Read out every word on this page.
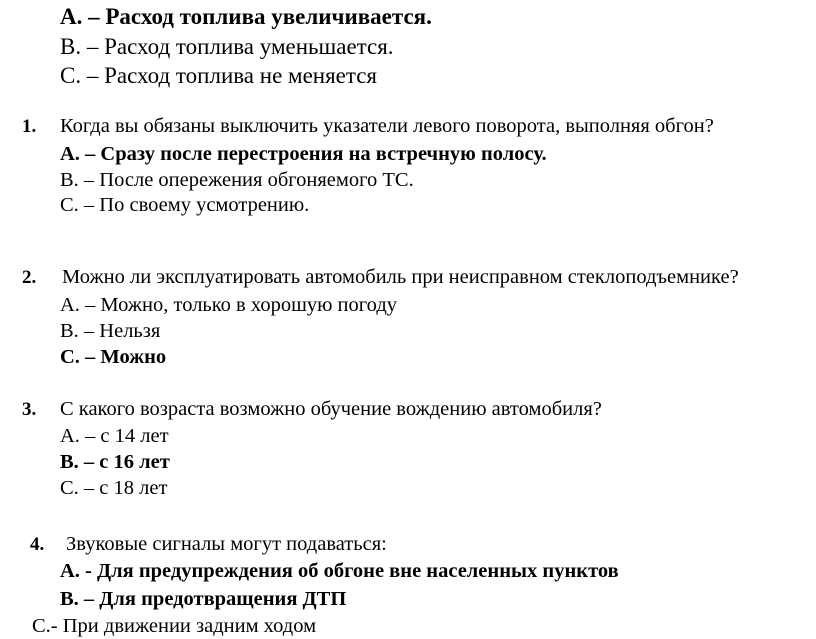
А. – Расход топлива увеличивается.
В. – Расход топлива уменьшается.
С. – Расход топлива не меняется
1. Когда вы обязаны выключить указатели левого поворота, выполняя обгон?
А. – Сразу после перестроения на встречную полосу.
В. – После опережения обгоняемого ТС.
С. – По своему усмотрению.
2. Можно ли эксплуатировать автомобиль при неисправном стеклоподъемнике?
А. – Можно, только в хорошую погоду
В. – Нельзя
С. – Можно
3. С какого возраста возможно обучение вождению автомобиля?
А. – с 14 лет
В. – с 16 лет
С. – с 18 лет
4. Звуковые сигналы могут подаваться:
А. - Для предупреждения об обгоне вне населенных пунктов
В. – Для предотвращения ДТП
С.- При движении задним ходом
